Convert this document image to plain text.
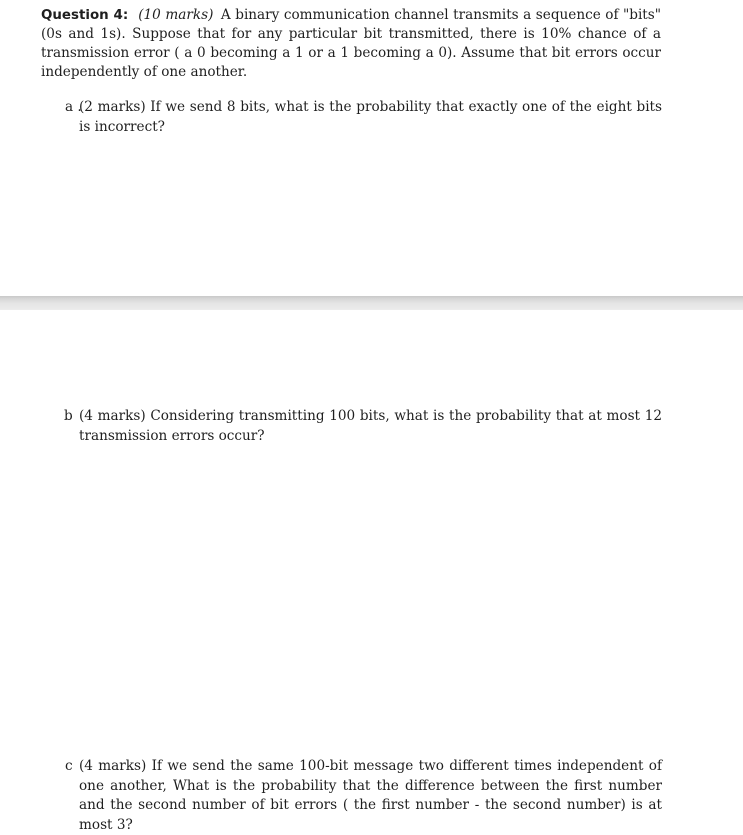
Question 4: (10 marks) A binary communication channel transmits a sequence of "bits" (0s and 1s). Suppose that for any particular bit transmitted, there is 10% chance of a transmission error ( a 0 becoming a 1 or a 1 becoming a 0). Assume that bit errors occur independently of one another.
a .
(2 marks) If we send 8 bits, what is the probability that exactly one of the eight bits is incorrect?
b (4 marks) Considering transmitting 100 bits, what is the probability that at most 12 transmission errors occur?
c (4 marks) If we send the same 100-bit message two different times independent of one another, What is the probability that the difference between the first number and the second number of bit errors ( the first number - the second number) is at most 3?
